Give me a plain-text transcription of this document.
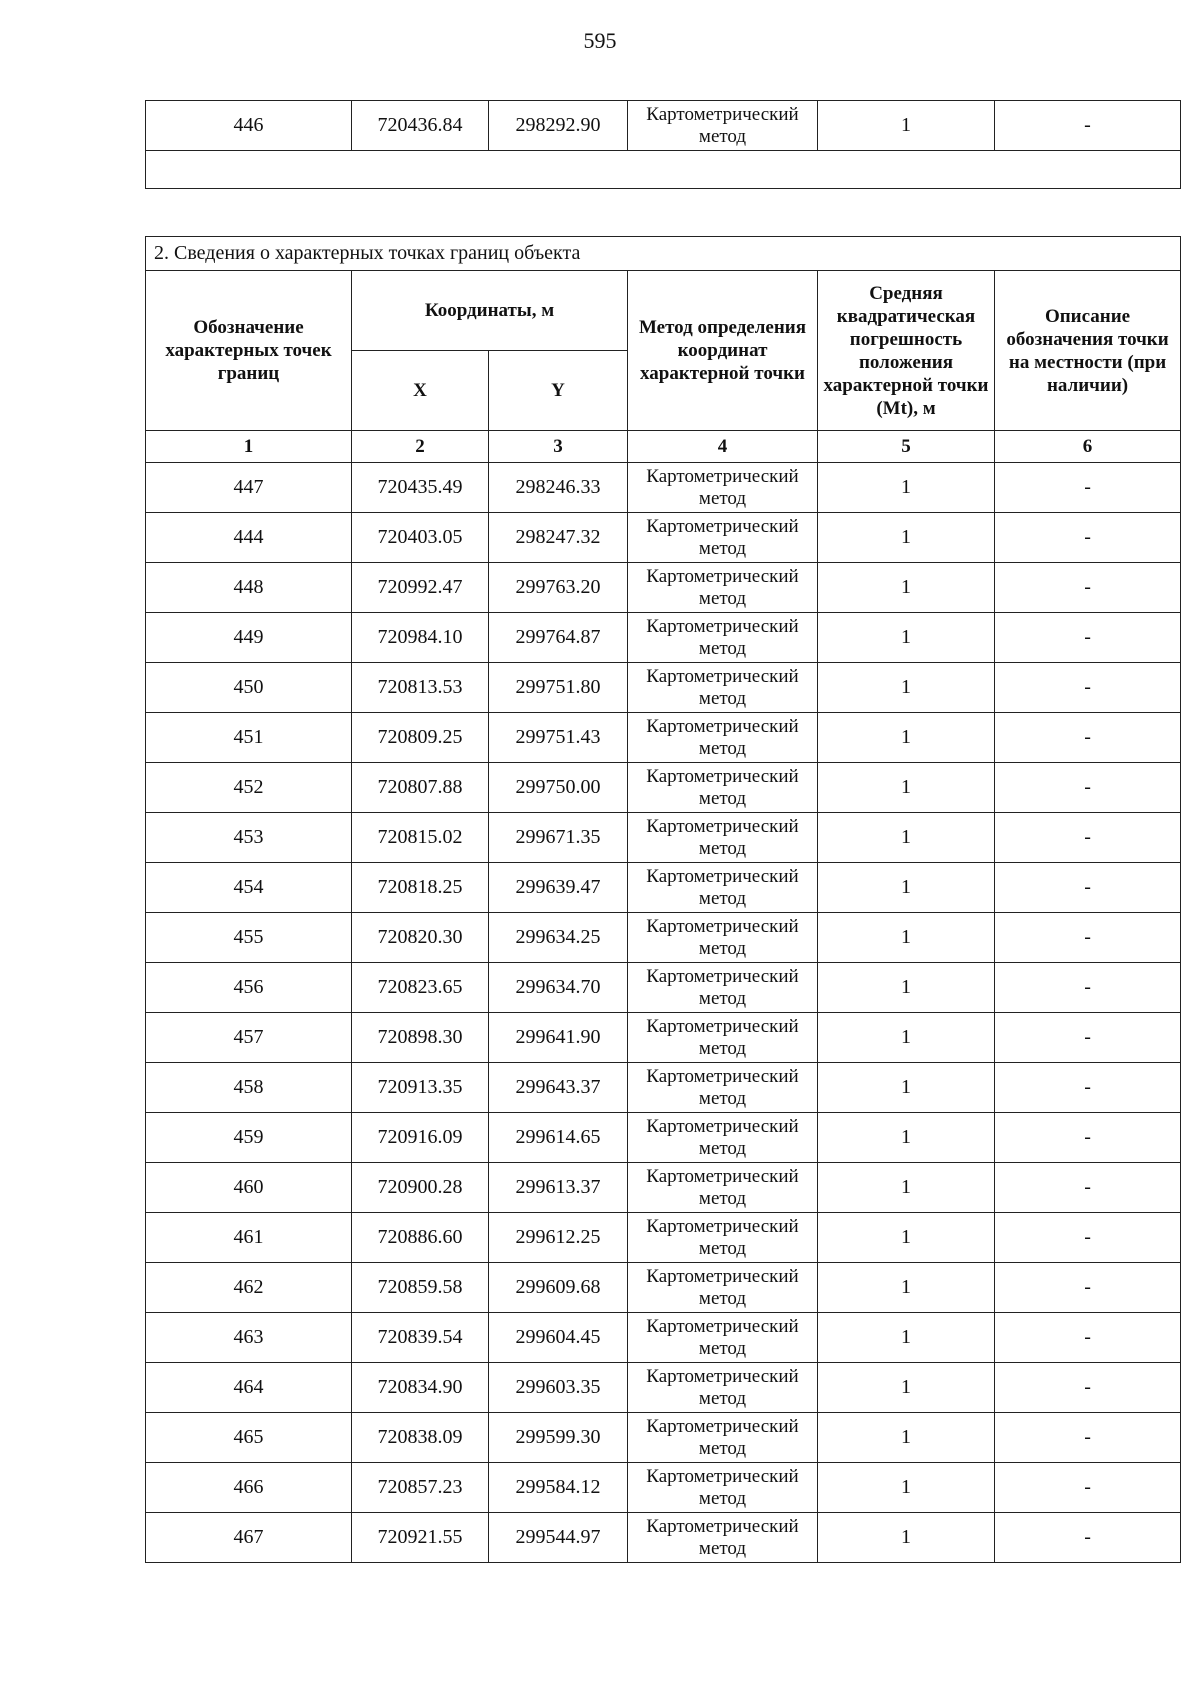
595
446	720436.84	298292.90	Картометрический метод	1	-

2. Сведения о характерных точках границ объекта					
Обозначение характерных точек границ	Координаты, м		Метод определения координат характерной точки	Средняя квадратическая погрешность положения характерной точки (Mt), м	Описание обозначения точки на местности (при наличии)
	X	Y			
1	2	3	4	5	6
447	720435.49	298246.33	Картометрический метод	1	-
444	720403.05	298247.32	Картометрический метод	1	-
448	720992.47	299763.20	Картометрический метод	1	-
449	720984.10	299764.87	Картометрический метод	1	-
450	720813.53	299751.80	Картометрический метод	1	-
451	720809.25	299751.43	Картометрический метод	1	-
452	720807.88	299750.00	Картометрический метод	1	-
453	720815.02	299671.35	Картометрический метод	1	-
454	720818.25	299639.47	Картометрический метод	1	-
455	720820.30	299634.25	Картометрический метод	1	-
456	720823.65	299634.70	Картометрический метод	1	-
457	720898.30	299641.90	Картометрический метод	1	-
458	720913.35	299643.37	Картометрический метод	1	-
459	720916.09	299614.65	Картометрический метод	1	-
460	720900.28	299613.37	Картометрический метод	1	-
461	720886.60	299612.25	Картометрический метод	1	-
462	720859.58	299609.68	Картометрический метод	1	-
463	720839.54	299604.45	Картометрический метод	1	-
464	720834.90	299603.35	Картометрический метод	1	-
465	720838.09	299599.30	Картометрический метод	1	-
466	720857.23	299584.12	Картометрический метод	1	-
467	720921.55	299544.97	Картометрический метод	1	-
